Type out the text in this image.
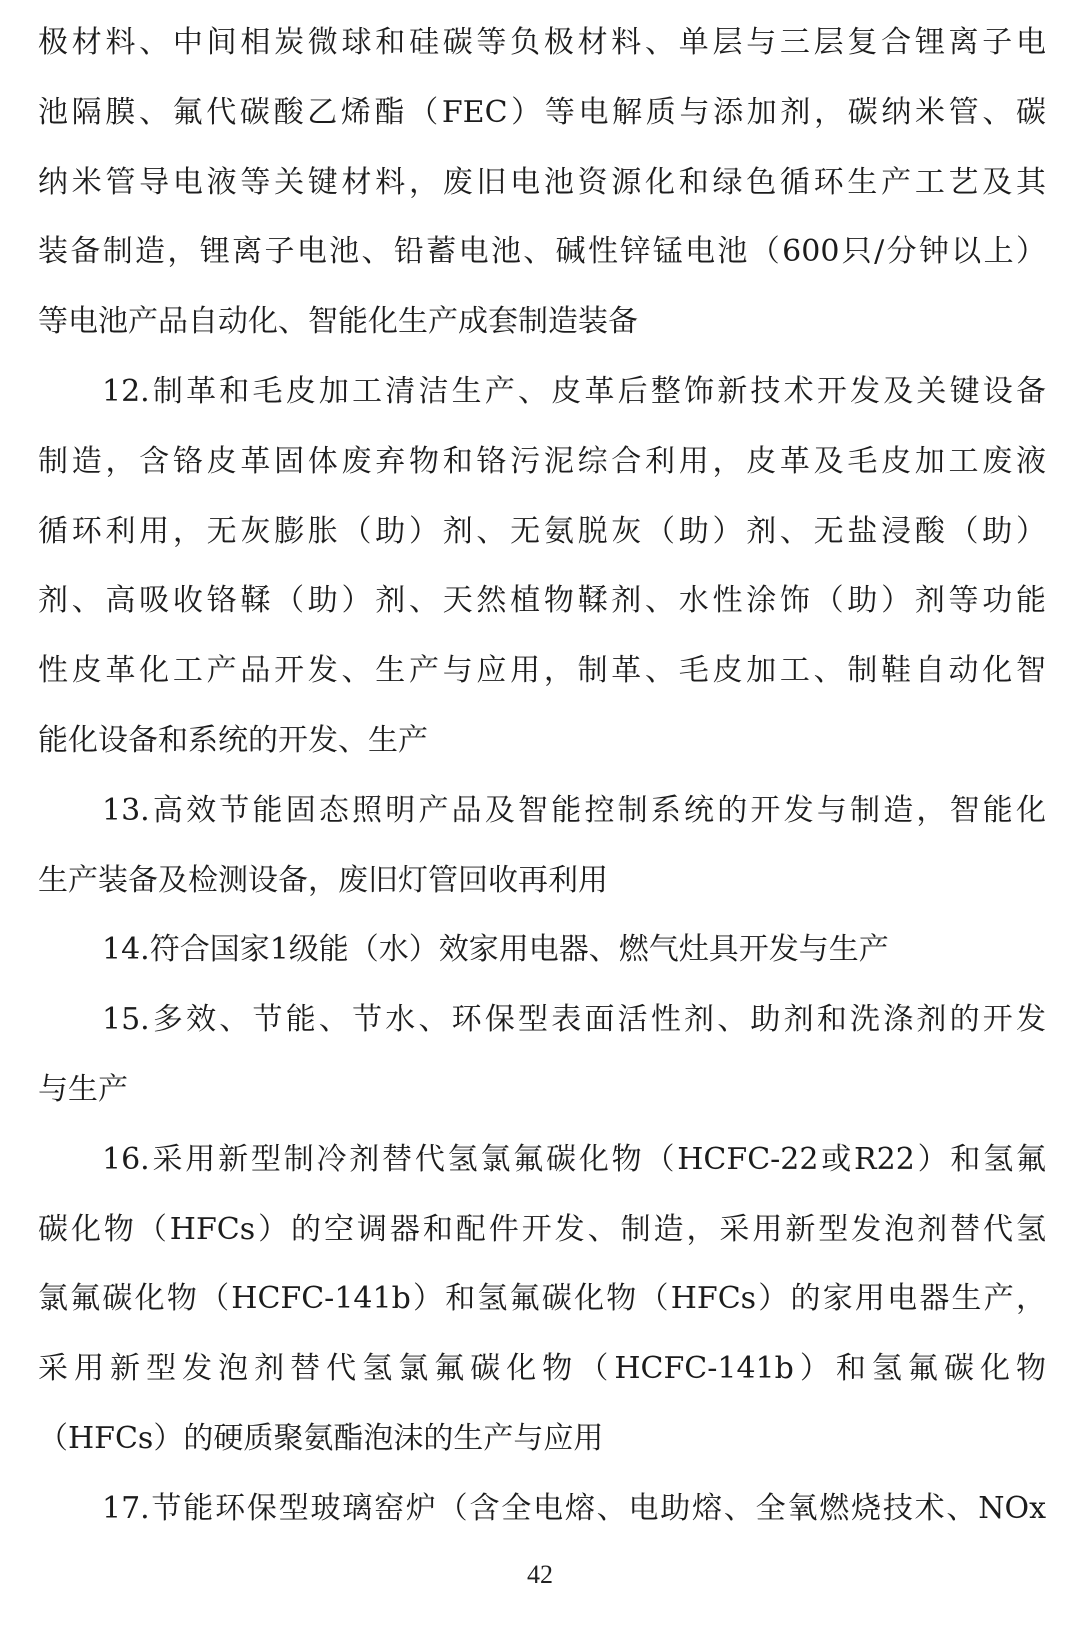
极材料、中间相炭微球和硅碳等负极材料、单层与三层复合锂离子电
池隔膜、氟代碳酸乙烯酯（FEC）等电解质与添加剂，碳纳米管、碳
纳米管导电液等关键材料，废旧电池资源化和绿色循环生产工艺及其
装备制造，锂离子电池、铅蓄电池、碱性锌锰电池（600只/分钟以上）
等电池产品自动化、智能化生产成套制造装备
12.制革和毛皮加工清洁生产、皮革后整饰新技术开发及关键设备
制造，含铬皮革固体废弃物和铬污泥综合利用，皮革及毛皮加工废液
循环利用，无灰膨胀（助）剂、无氨脱灰（助）剂、无盐浸酸（助）
剂、高吸收铬鞣（助）剂、天然植物鞣剂、水性涂饰（助）剂等功能
性皮革化工产品开发、生产与应用，制革、毛皮加工、制鞋自动化智
能化设备和系统的开发、生产
13.高效节能固态照明产品及智能控制系统的开发与制造，智能化
生产装备及检测设备，废旧灯管回收再利用
14.符合国家1级能（水）效家用电器、燃气灶具开发与生产
15.多效、节能、节水、环保型表面活性剂、助剂和洗涤剂的开发
与生产
16.采用新型制冷剂替代氢氯氟碳化物（HCFC-22或R22）和氢氟
碳化物（HFCs）的空调器和配件开发、制造，采用新型发泡剂替代氢
氯氟碳化物（HCFC-141b）和氢氟碳化物（HFCs）的家用电器生产，
采用新型发泡剂替代氢氯氟碳化物（HCFC-141b）和氢氟碳化物
（HFCs）的硬质聚氨酯泡沫的生产与应用
17.节能环保型玻璃窑炉（含全电熔、电助熔、全氧燃烧技术、NOx
42
